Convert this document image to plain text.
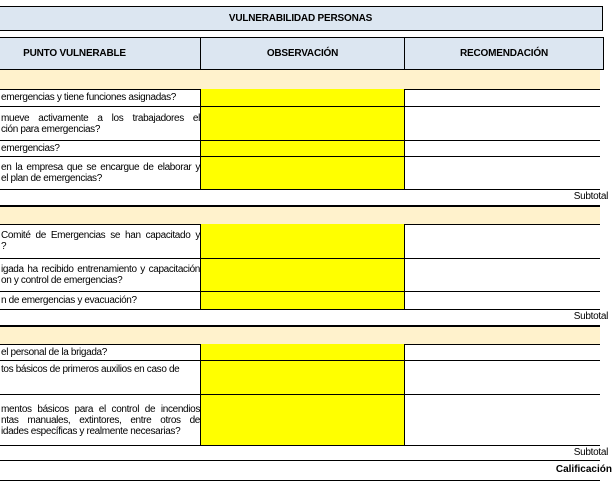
VULNERABILIDAD PERSONAS
PUNTO VULNERABLE	OBSERVACIÓN	RECOMENDACIÓN
emergencias y tiene funciones asignadas?
mueve activamente a los trabajadores el
ción para emergencias?
emergencias?
en la empresa que se encargue de elaborar y
el plan de emergencias?
Subtotal
Comité de Emergencias se han capacitado y
?
igada ha recibido entrenamiento y capacitación
on y control de emergencias?
n de emergencias y evacuación?
Subtotal
el personal de la brigada?
tos básicos de primeros auxilios en caso de
mentos básicos para el control de incendios
ntas manuales, extintores, entre otros de
idades específicas y realmente necesarias?
Subtotal
Calificación
